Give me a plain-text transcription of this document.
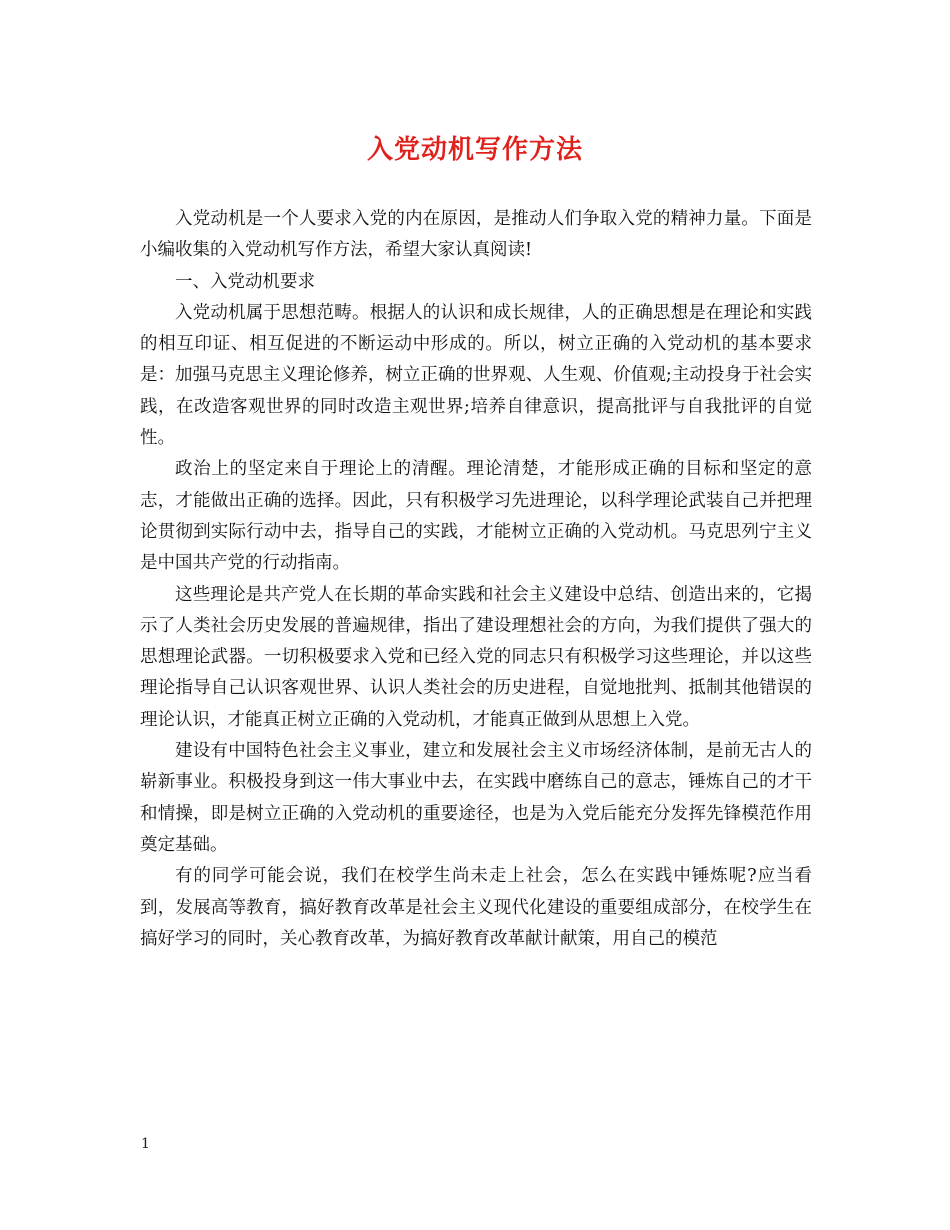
入党动机写作方法

入党动机是一个人要求入党的内在原因，是推动人们争取入党的精神力量。下面是小编收集的入党动机写作方法，希望大家认真阅读!

一、入党动机要求

入党动机属于思想范畴。根据人的认识和成长规律，人的正确思想是在理论和实践的相互印证、相互促进的不断运动中形成的。所以，树立正确的入党动机的基本要求是：加强马克思主义理论修养，树立正确的世界观、人生观、价值观;主动投身于社会实践，在改造客观世界的同时改造主观世界;培养自律意识，提高批评与自我批评的自觉性。

政治上的坚定来自于理论上的清醒。理论清楚，才能形成正确的目标和坚定的意志，才能做出正确的选择。因此，只有积极学习先进理论，以科学理论武装自己并把理论贯彻到实际行动中去，指导自己的实践，才能树立正确的入党动机。马克思列宁主义是中国共产党的行动指南。

这些理论是共产党人在长期的革命实践和社会主义建设中总结、创造出来的，它揭示了人类社会历史发展的普遍规律，指出了建设理想社会的方向，为我们提供了强大的思想理论武器。一切积极要求入党和已经入党的同志只有积极学习这些理论，并以这些理论指导自己认识客观世界、认识人类社会的历史进程，自觉地批判、抵制其他错误的理论认识，才能真正树立正确的入党动机，才能真正做到从思想上入党。

建设有中国特色社会主义事业，建立和发展社会主义市场经济体制，是前无古人的崭新事业。积极投身到这一伟大事业中去，在实践中磨练自己的意志，锤炼自己的才干和情操，即是树立正确的入党动机的重要途径，也是为入党后能充分发挥先锋模范作用奠定基础。

有的同学可能会说，我们在校学生尚未走上社会，怎么在实践中锤炼呢?应当看到，发展高等教育，搞好教育改革是社会主义现代化建设的重要组成部分，在校学生在搞好学习的同时，关心教育改革，为搞好教育改革献计献策，用自己的模范

1
